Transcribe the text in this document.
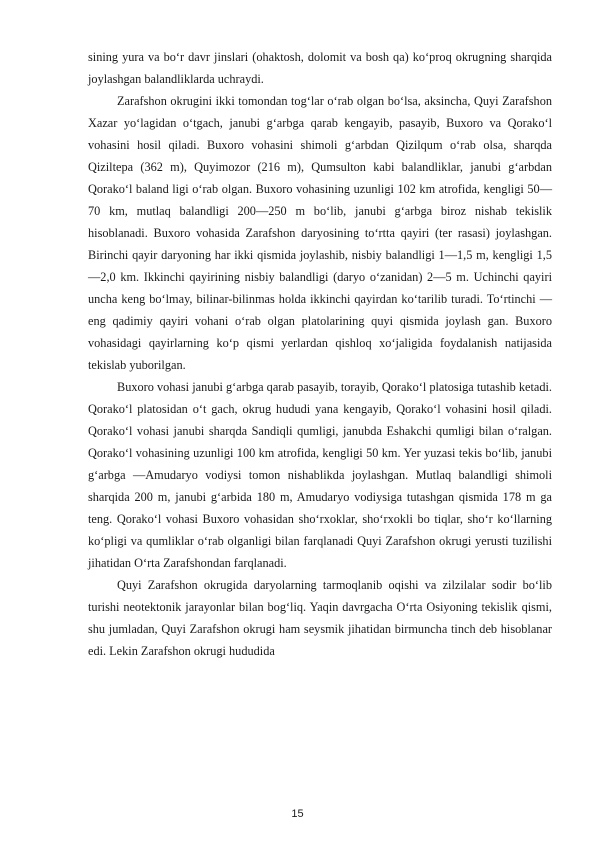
sining yura va bo‘r davr jinslari (ohaktosh, dolomit va bosh qa) ko‘proq okrugning sharqida joylashgan balandliklarda uchraydi.

Zarafshon okrugini ikki tomondan tog‘lar o‘rab olgan bo‘lsa, aksincha, Quyi Zarafshon Xazar yo‘lagidan o‘tgach, janubi g‘arbga qarab kengayib, pasayib, Buxoro va Qorako‘l vohasini hosil qiladi. Buxoro vohasini shimoli g‘arbdan Qizilqum o‘rab olsa, sharqda Qiziltepa (362 m), Quyimozor (216 m), Qumsulton kabi balandliklar, janubi g‘arbdan Qorako‘l baland ligi o‘rab olgan. Buxoro vohasining uzunligi 102 km atrofida, kengligi 50— 70 km, mutlaq balandligi 200—250 m bo‘lib, janubi g‘arbga biroz nishab tekislik hisoblanadi. Buxoro vohasida Zarafshon daryosining to‘rtta qayiri (ter rasasi) joylashgan. Birinchi qayir daryoning har ikki qismida joylashib, nisbiy balandligi 1—1,5 m, kengligi 1,5—2,0 km. Ikkinchi qayirining nisbiy balandligi (daryo o‘zanidan) 2—5 m. Uchinchi qayiri uncha keng bo‘lmay, bilinar-bilinmas holda ikkinchi qayirdan ko‘tarilib turadi. To‘rtinchi — eng qadimiy qayiri vohani o‘rab olgan platolarining quyi qismida joylash gan. Buxoro vohasidagi qayirlarning ko‘p qismi yerlardan qishloq xo‘jaligida foydalanish natijasida tekislab yuborilgan.

Buxoro vohasi janubi g‘arbga qarab pasayib, torayib, Qorako‘l platosiga tutashib ketadi. Qorako‘l platosidan o‘t gach, okrug hududi yana kengayib, Qorako‘l vohasini hosil qiladi. Qorako‘l vohasi janubi sharqda Sandiqli qumligi, janubda Eshakchi qumligi bilan o‘ralgan. Qorako‘l vohasining uzunligi 100 km atrofida, kengligi 50 km. Yer yuzasi tekis bo‘lib, janubi g‘arbga —Amudaryo vodiysi tomon nishablikda joylashgan. Mutlaq balandligi shimoli sharqida 200 m, janubi g‘arbida 180 m, Amudaryo vodiysiga tutashgan qismida 178 m ga teng. Qorako‘l vohasi Buxoro vohasidan sho‘rxoklar, sho‘rxokli bo tiqlar, sho‘r ko‘llarning ko‘pligi va qumliklar o‘rab olganligi bilan farqlanadi Quyi Zarafshon okrugi yerusti tuzilishi jihatidan O‘rta Zarafshondan farqlanadi.

Quyi Zarafshon okrugida daryolarning tarmoqlanib oqishi va zilzilalar sodir bo‘lib turishi neotektonik jarayonlar bilan bog‘liq. Yaqin davrgacha O‘rta Osiyoning tekislik qismi, shu jumladan, Quyi Zarafshon okrugi ham seysmik jihatidan birmuncha tinch deb hisoblanar edi. Lekin Zarafshon okrugi hududida

15
